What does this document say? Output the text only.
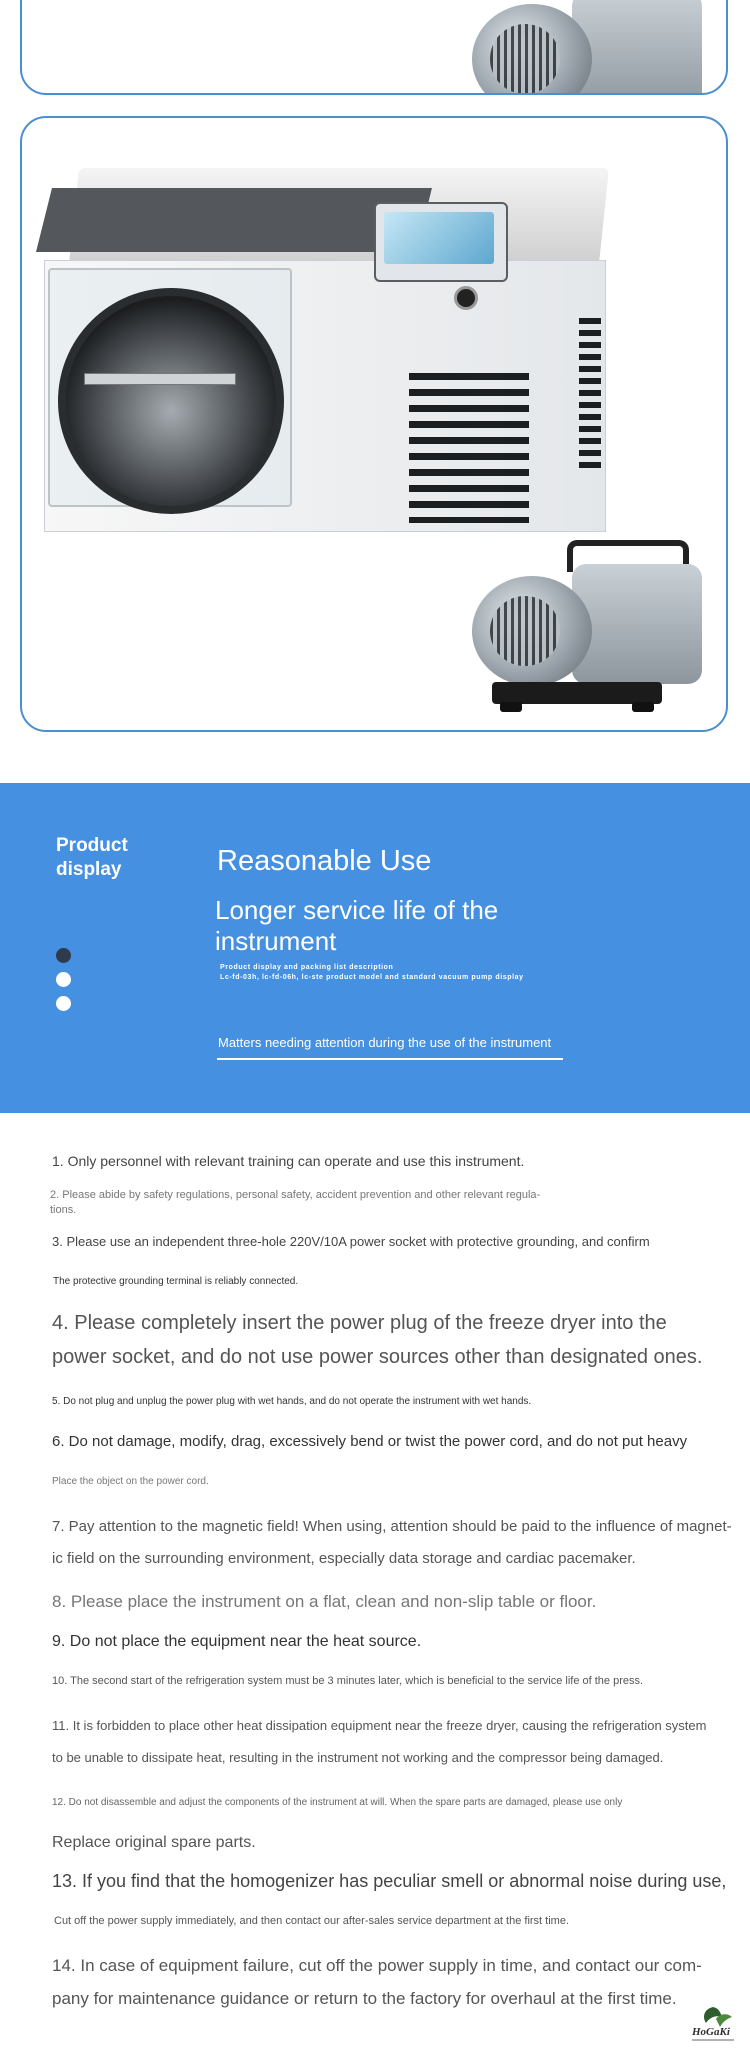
Product display	Reasonable Use
Longer service life of the instrument
Product display and packing list description
Lc-fd-03h, lc-fd-06h, lc-ste product model and standard vacuum pump display
Matters needing attention during the use of the instrument
1. Only personnel with relevant training can operate and use this instrument.
2. Please abide by safety regulations, personal safety, accident prevention and other relevant regula-
tions.
3. Please use an independent three-hole 220V/10A power socket with protective grounding, and confirm
The protective grounding terminal is reliably connected.
4. Please completely insert the power plug of the freeze dryer into the
power socket, and do not use power sources other than designated ones.
5. Do not plug and unplug the power plug with wet hands, and do not operate the instrument with wet hands.
6. Do not damage, modify, drag, excessively bend or twist the power cord, and do not put heavy
Place the object on the power cord.
7. Pay attention to the magnetic field! When using, attention should be paid to the influence of magnet-
ic field on the surrounding environment, especially data storage and cardiac pacemaker.
8. Please place the instrument on a flat, clean and non-slip table or floor.
9. Do not place the equipment near the heat source.
10. The second start of the refrigeration system must be 3 minutes later, which is beneficial to the service life of the press.
11. It is forbidden to place other heat dissipation equipment near the freeze dryer, causing the refrigeration system
to be unable to dissipate heat, resulting in the instrument not working and the compressor being damaged.
12. Do not disassemble and adjust the components of the instrument at will. When the spare parts are damaged, please use only
Replace original spare parts.
13. If you find that the homogenizer has peculiar smell or abnormal noise during use,
Cut off the power supply immediately, and then contact our after-sales service department at the first time.
14. In case of equipment failure, cut off the power supply in time, and contact our com-
pany for maintenance guidance or return to the factory for overhaul at the first time.
HoGaKi
